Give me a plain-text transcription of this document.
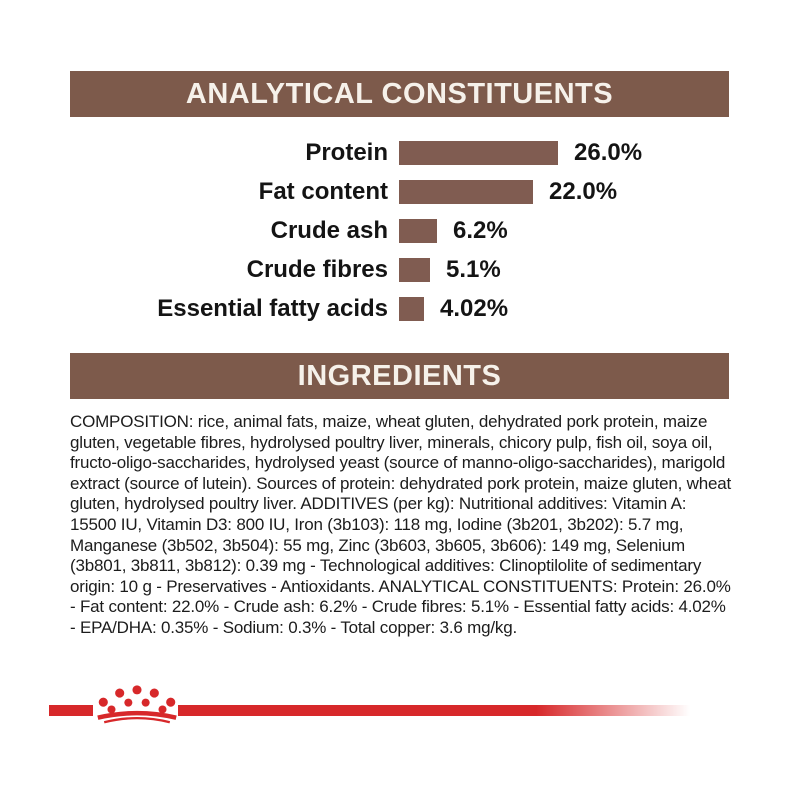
ANALYTICAL CONSTITUENTS
Protein	26.0%
Fat content	22.0%
Crude ash	6.2%
Crude fibres 5.1%
Essential fatty acids 4.02%
INGREDIENTS
COMPOSITION: rice, animal fats, maize, wheat gluten, dehydrated pork protein, maize gluten, vegetable fibres, hydrolysed poultry liver, minerals, chicory pulp, fish oil, soya oil, fructo-oligo-saccharides, hydrolysed yeast (source of manno-oligo-saccharides), marigold extract (source of lutein). Sources of protein: dehydrated pork protein, maize gluten, wheat gluten, hydrolysed poultry liver. ADDITIVES (per kg): Nutritional additives: Vitamin A: 15500 IU, Vitamin D3: 800 IU, Iron (3b103): 118 mg, Iodine (3b201, 3b202): 5.7 mg, Manganese (3b502, 3b504): 55 mg, Zinc (3b603, 3b605, 3b606): 149 mg, Selenium (3b801, 3b811, 3b812): 0.39 mg - Technological additives: Clinoptilolite of sedimentary origin: 10 g - Preservatives - Antioxidants. ANALYTICAL CONSTITUENTS: Protein: 26.0% - Fat content: 22.0% - Crude ash: 6.2% - Crude fibres: 5.1% - Essential fatty acids: 4.02% - EPA/DHA: 0.35% - Sodium: 0.3% - Total copper: 3.6 mg/kg.
